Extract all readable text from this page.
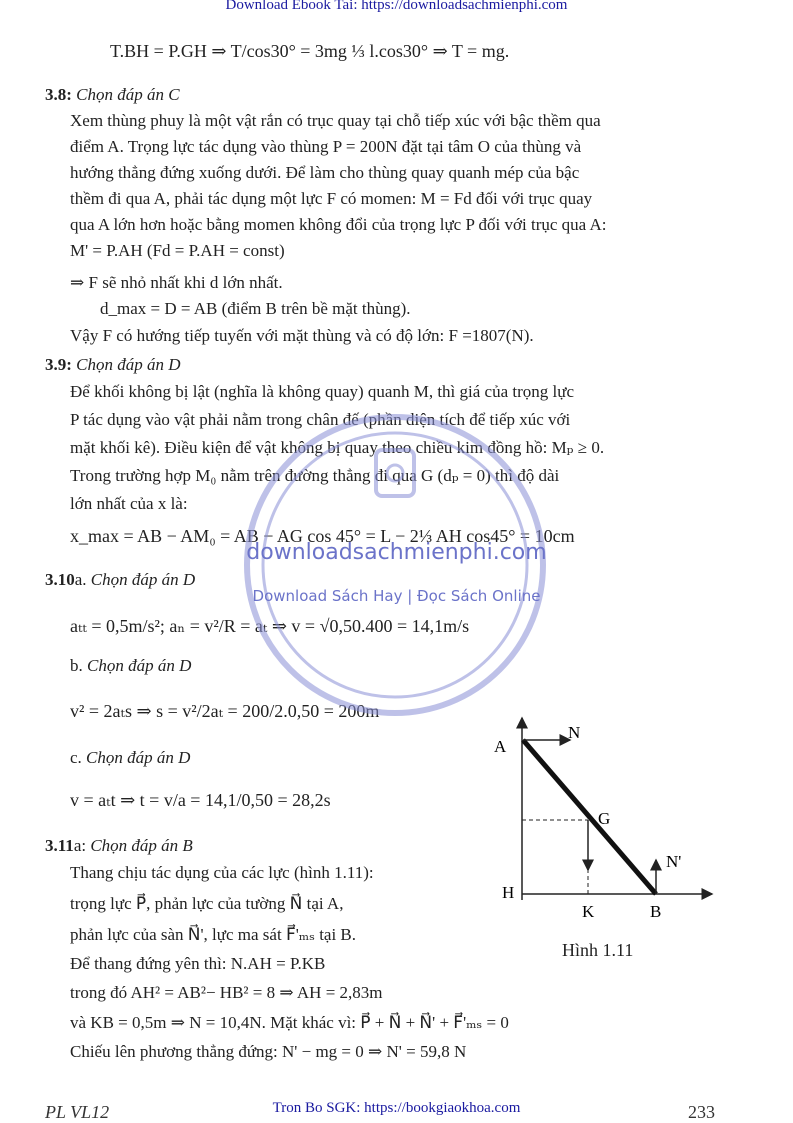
Download Ebook Tai: https://downloadsachmienphi.com
T.BH = P.GH ⇒ T/cos30° = 3mg ⅓ l.cos30° ⇒ T = mg.
3.8: Chọn đáp án C
Xem thùng phuy là một vật rắn có trục quay tại chỗ tiếp xúc với bậc thềm qua
điểm A. Trọng lực tác dụng vào thùng P = 200N đặt tại tâm O của thùng và
hướng thẳng đứng xuống dưới. Để làm cho thùng quay quanh mép của bậc
thềm đi qua A, phải tác dụng một lực F có momen: M = Fd đối với trục quay
qua A lớn hơn hoặc bằng momen không đổi của trọng lực P đối với trục qua A:
M' = P.AH (Fd = P.AH = const)
⇒ F sẽ nhỏ nhất khi d lớn nhất.
d_max = D = AB (điểm B trên bề mặt thùng).
Vậy F có hướng tiếp tuyến với mặt thùng và có độ lớn: F =1807(N).
3.9: Chọn đáp án D
Để khối không bị lật (nghĩa là không quay) quanh M, thì giá của trọng lực
P tác dụng vào vật phải nằm trong chân đế (phần diện tích để tiếp xúc với
mặt khối kê). Điều kiện để vật không bị quay theo chiều kim đồng hồ: Mₚ ≥ 0.
Trong trường hợp M₀ nằm trên đường thẳng đi qua G (dₚ = 0) thì độ dài
lớn nhất của x là:
x_max = AB − AM₀ = AB − AG cos 45° = L − 2⅓ AH cos45° = 10cm
3.10a. Chọn đáp án D
aₜₜ = 0,5m/s²; aₙ = v²/R = aₜ ⇒ v = √0,50.400 = 14,1m/s
b. Chọn đáp án D
v² = 2aₜs ⇒ s = v²/2aₜ = 200/2.0,50 = 200m
c. Chọn đáp án D
v = aₜt ⇒ t = v/a = 14,1/0,50 = 28,2s
3.11a: Chọn đáp án B
Thang chịu tác dụng của các lực (hình 1.11):
trọng lực P⃗, phản lực của tường N⃗ tại A,
phản lực của sàn N⃗', lực ma sát F⃗'ₘₛ tại B.
Để thang đứng yên thì: N.AH = P.KB
trong đó AH² = AB²− HB² = 8 ⇒ AH = 2,83m
và KB = 0,5m ⇒ N = 10,4N. Mặt khác vì: P⃗ + N⃗ + N⃗' + F⃗'ₘₛ = 0
Chiếu lên phương thẳng đứng: N' − mg = 0 ⇒ N' = 59,8 N
A
N
G
N'
H
K	B
Hình 1.11
downloadsachmienphi.com
Download Sách Hay | Đọc Sách Online
PL VL12	Tron Bo SGK: https://bookgiaokhoa.com	233
